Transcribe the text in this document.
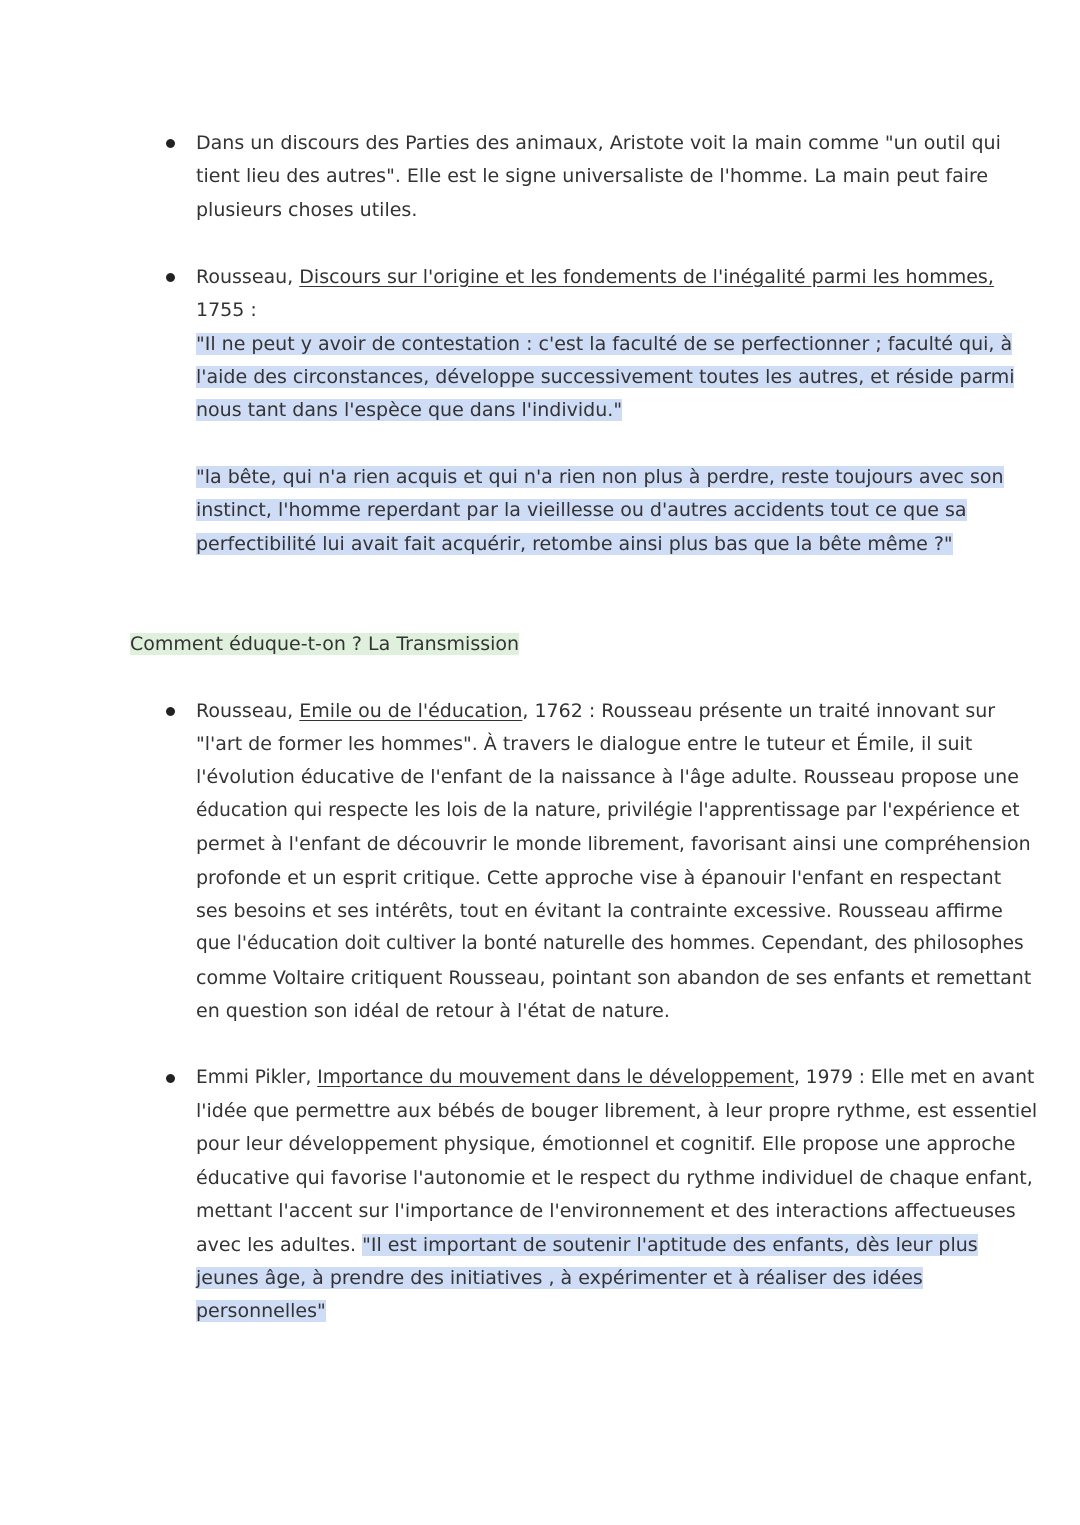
Dans un discours des Parties des animaux, Aristote voit la main comme "un outil qui
tient lieu des autres". Elle est le signe universaliste de l'homme. La main peut faire
plusieurs choses utiles.
Rousseau, Discours sur l'origine et les fondements de l'inégalité parmi les hommes,
1755 :
"Il ne peut y avoir de contestation : c'est la faculté de se perfectionner ; faculté qui, à
l'aide des circonstances, développe successivement toutes les autres, et réside parmi
nous tant dans l'espèce que dans l'individu."
"la bête, qui n'a rien acquis et qui n'a rien non plus à perdre, reste toujours avec son
instinct, l'homme reperdant par la vieillesse ou d'autres accidents tout ce que sa
perfectibilité lui avait fait acquérir, retombe ainsi plus bas que la bête même ?"
Comment éduque-t-on ? La Transmission
Rousseau, Emile ou de l'éducation, 1762 : Rousseau présente un traité innovant sur
"l'art de former les hommes". À travers le dialogue entre le tuteur et Émile, il suit
l'évolution éducative de l'enfant de la naissance à l'âge adulte. Rousseau propose une
éducation qui respecte les lois de la nature, privilégie l'apprentissage par l'expérience et
permet à l'enfant de découvrir le monde librement, favorisant ainsi une compréhension
profonde et un esprit critique. Cette approche vise à épanouir l'enfant en respectant
ses besoins et ses intérêts, tout en évitant la contrainte excessive. Rousseau affirme
que l'éducation doit cultiver la bonté naturelle des hommes. Cependant, des philosophes
comme Voltaire critiquent Rousseau, pointant son abandon de ses enfants et remettant
en question son idéal de retour à l'état de nature.
Emmi Pikler, Importance du mouvement dans le développement, 1979 : Elle met en avant
l'idée que permettre aux bébés de bouger librement, à leur propre rythme, est essentiel
pour leur développement physique, émotionnel et cognitif. Elle propose une approche
éducative qui favorise l'autonomie et le respect du rythme individuel de chaque enfant,
mettant l'accent sur l'importance de l'environnement et des interactions affectueuses
avec les adultes. "Il est important de soutenir l'aptitude des enfants, dès leur plus
jeunes âge, à prendre des initiatives , à expérimenter et à réaliser des idées
personnelles"
